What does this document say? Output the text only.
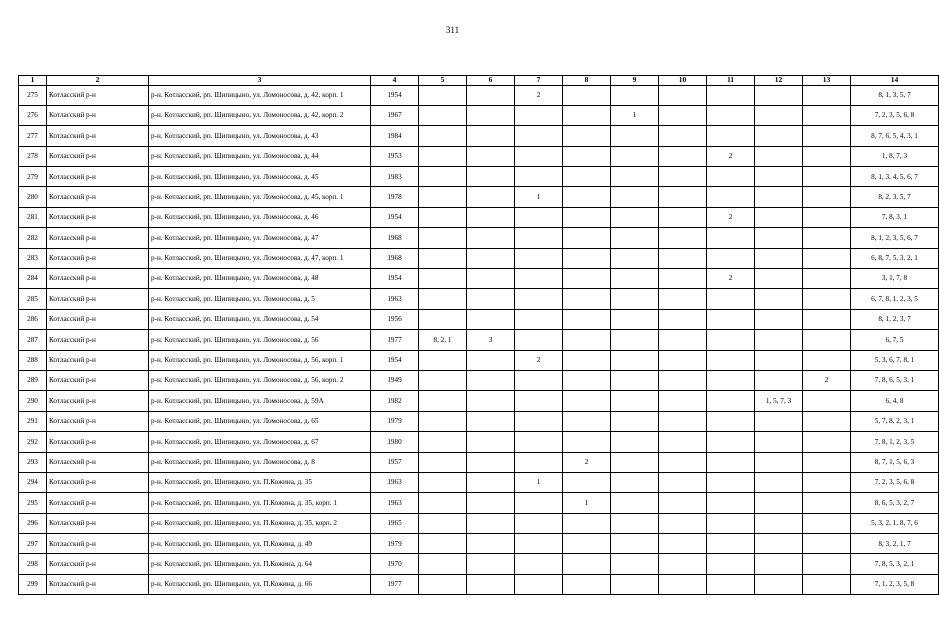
311
1	2	3	4	5	6	7	8	9	10	11	12	13	14
275	Котласский р-н	р-н. Котласский, рп. Шипицыно, ул. Ломоносова, д. 42, корп. 1	1954			2							8, 1, 3, 5, 7
276	Котласский р-н	р-н. Котласский, рп. Шипицыно, ул. Ломоносова, д. 42, корп. 2	1967					1					7, 2, 3, 5, 6, 8
277	Котласский р-н	р-н. Котласский, рп. Шипицыно, ул. Ломоносова, д. 43	1984										8, 7, 6, 5, 4, 3, 1
278	Котласский р-н	р-н. Котласский, рп. Шипицыно, ул. Ломоносова, д. 44	1953							2			1, 8, 7, 3
279	Котласский р-н	р-н. Котласский, рп. Шипицыно, ул. Ломоносова, д. 45	1983										8, 1, 3, 4, 5, 6, 7
280	Котласский р-н	р-н. Котласский, рп. Шипицыно, ул. Ломоносова, д. 45, корп. 1	1978			1							8, 2, 3, 5, 7
281	Котласский р-н	р-н. Котласский, рп. Шипицыно, ул. Ломоносова, д. 46	1954							2			7, 8, 3, 1
282	Котласский р-н	р-н. Котласский, рп. Шипицыно, ул. Ломоносова, д. 47	1968										8, 1, 2, 3, 5, 6, 7
283	Котласский р-н	р-н. Котласский, рп. Шипицыно, ул. Ломоносова, д. 47, корп. 1	1968										6, 8, 7, 5, 3, 2, 1
284	Котласский р-н	р-н. Котласский, рп. Шипицыно, ул. Ломоносова, д. 48	1954							2			3, 1, 7, 8
285	Котласский р-н	р-н. Котласский, рп. Шипицыно, ул. Ломоносова, д. 5	1963										6, 7, 8, 1, 2, 3, 5
286	Котласский р-н	р-н. Котласский, рп. Шипицыно, ул. Ломоносова, д. 54	1956										8, 1, 2, 3, 7
287	Котласский р-н	р-н. Котласский, рп. Шипицыно, ул. Ломоносова, д. 56	1977	8, 2, 1	3								6, 7, 5
288	Котласский р-н	р-н. Котласский, рп. Шипицыно, ул. Ломоносова, д. 56, корп. 1	1954			2							5, 3, 6, 7, 8, 1
289	Котласский р-н	р-н. Котласский, рп. Шипицыно, ул. Ломоносова, д. 56, корп. 2	1949									2	7, 8, 6, 5, 3, 1
290	Котласский р-н	р-н. Котласский, рп. Шипицыно, ул. Ломоносова, д. 59А	1982								1, 5, 7, 3		6, 4, 8
291	Котласский р-н	р-н. Котласский, рп. Шипицыно, ул. Ломоносова, д. 65	1979										5, 7, 8, 2, 3, 1
292	Котласский р-н	р-н. Котласский, рп. Шипицыно, ул. Ломоносова, д. 67	1980										7, 8, 1, 2, 3, 5
293	Котласский р-н	р-н. Котласский, рп. Шипицыно, ул. Ломоносова, д. 8	1957				2						8, 7, 1, 5, 6, 3
294	Котласский р-н	р-н. Котласский, рп. Шипицыно, ул. П.Кожина, д. 35	1963			1							7, 2, 3, 5, 6, 8
295	Котласский р-н	р-н. Котласский, рп. Шипицыно, ул. П.Кожина, д. 35, корп. 1	1963				1						8, 6, 5, 3, 2, 7
296	Котласский р-н	р-н. Котласский, рп. Шипицыно, ул. П.Кожина, д. 35, корп. 2	1965										5, 3, 2, 1, 8, 7, 6
297	Котласский р-н	р-н. Котласский, рп. Шипицыно, ул. П.Кожина, д. 49	1979										8, 3, 2, 1, 7
298	Котласский р-н	р-н. Котласский, рп. Шипицыно, ул. П.Кожина, д. 64	1970										7, 8, 5, 3, 2, 1
299	Котласский р-н	р-н. Котласский, рп. Шипицыно, ул. П.Кожина, д. 66	1977										7, 1, 2, 3, 5, 8
